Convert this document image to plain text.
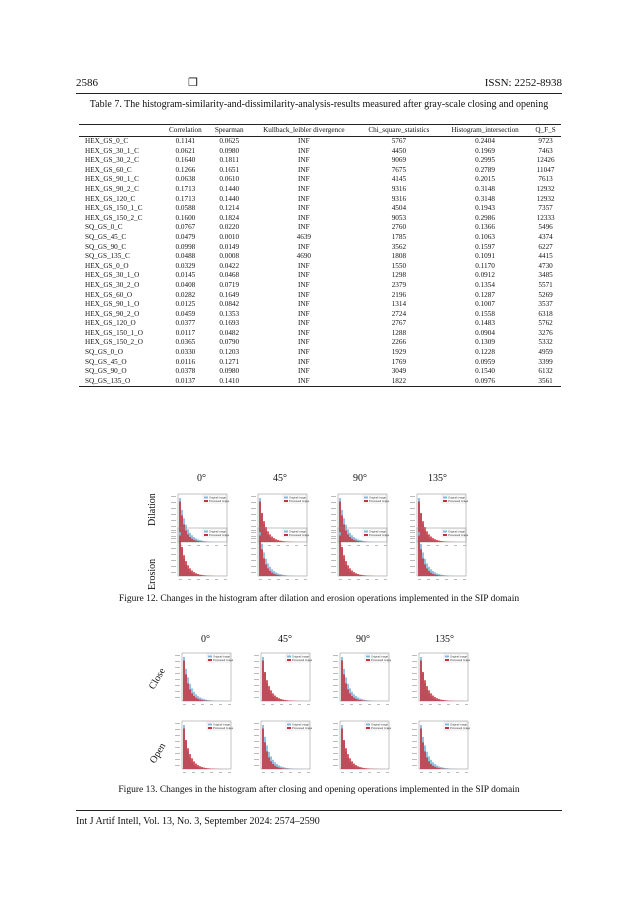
2586	❒	ISSN: 2252-8938
Table 7. The histogram-similarity-and-dissimilarity-analysis-results measured after gray-scale closing and opening
	Correlation	Spearman	Kullback_leibler divergence	Chi_square_statistics	Histogram_intersection	Q_F_S
HEX_GS_0_C	0.1141	0.0625	INF	5767	0.2404	9723
HEX_GS_30_1_C	0.0621	0.0980	INF	4450	0.1969	7463
HEX_GS_30_2_C	0.1640	0.1811	INF	9069	0.2995	12426
HEX_GS_60_C	0.1266	0.1651	INF	7675	0.2789	11047
HEX_GS_90_1_C	0.0638	0.0610	INF	4145	0.2015	7613
HEX_GS_90_2_C	0.1713	0.1440	INF	9316	0.3148	12932
HEX_GS_120_C	0.1713	0.1440	INF	9316	0.3148	12932
HEX_GS_150_1_C	0.0588	0.1214	INF	4504	0.1943	7357
HEX_GS_150_2_C	0.1600	0.1824	INF	9053	0.2986	12333
SQ_GS_0_C	0.0767	0.0220	INF	2760	0.1366	5496
SQ_GS_45_C	0.0479	0.0010	4639	1785	0.1063	4374
SQ_GS_90_C	0.0998	0.0149	INF	3562	0.1597	6227
SQ_GS_135_C	0.0488	0.0008	4690	1808	0.1091	4415
HEX_GS_0_O	0.0329	0.0422	INF	1550	0.1170	4730
HEX_GS_30_1_O	0.0145	0.0468	INF	1298	0.0912	3485
HEX_GS_30_2_O	0.0408	0.0719	INF	2379	0.1354	5571
HEX_GS_60_O	0.0282	0.1649	INF	2196	0.1287	5269
HEX_GS_90_1_O	0.0125	0.0842	INF	1314	0.1007	3537
HEX_GS_90_2_O	0.0459	0.1353	INF	2724	0.1558	6318
HEX_GS_120_O	0.0377	0.1693	INF	2767	0.1483	5762
HEX_GS_150_1_O	0.0117	0.0482	INF	1288	0.0904	3276
HEX_GS_150_2_O	0.0365	0.0790	INF	2266	0.1309	5332
SQ_GS_0_O	0.0330	0.1203	INF	1929	0.1228	4959
SQ_GS_45_O	0.0116	0.1271	INF	1769	0.0959	3399
SQ_GS_90_O	0.0378	0.0980	INF	3049	0.1540	6132
SQ_GS_135_O	0.0137	0.1410	INF	1822	0.0976	3561
0°	45°	90°	135°
Dilation
Erosion
Figure 12. Changes in the histogram after dilation and erosion operations implemented in the SIP domain
0°	45°	90°	135°
Close
Open
Figure 13. Changes in the histogram after closing and opening operations implemented in the SIP domain
Int J Artif Intell, Vol. 13, No. 3, September 2024: 2574–2590
Original Image
Processed Image
Original Image
Processed Image
Original Image
Processed Image
Original Image
Processed Image
Original Image
Processed Image
Original Image
Processed Image
Original Image
Processed Image
Original Image
Processed Image
Original Image
Processed Image
Original Image
Processed Image
Original Image
Processed Image
Original Image
Processed Image
Original Image
Processed Image
Original Image
Processed Image
Original Image
Processed Image
Original Image
Processed Image
